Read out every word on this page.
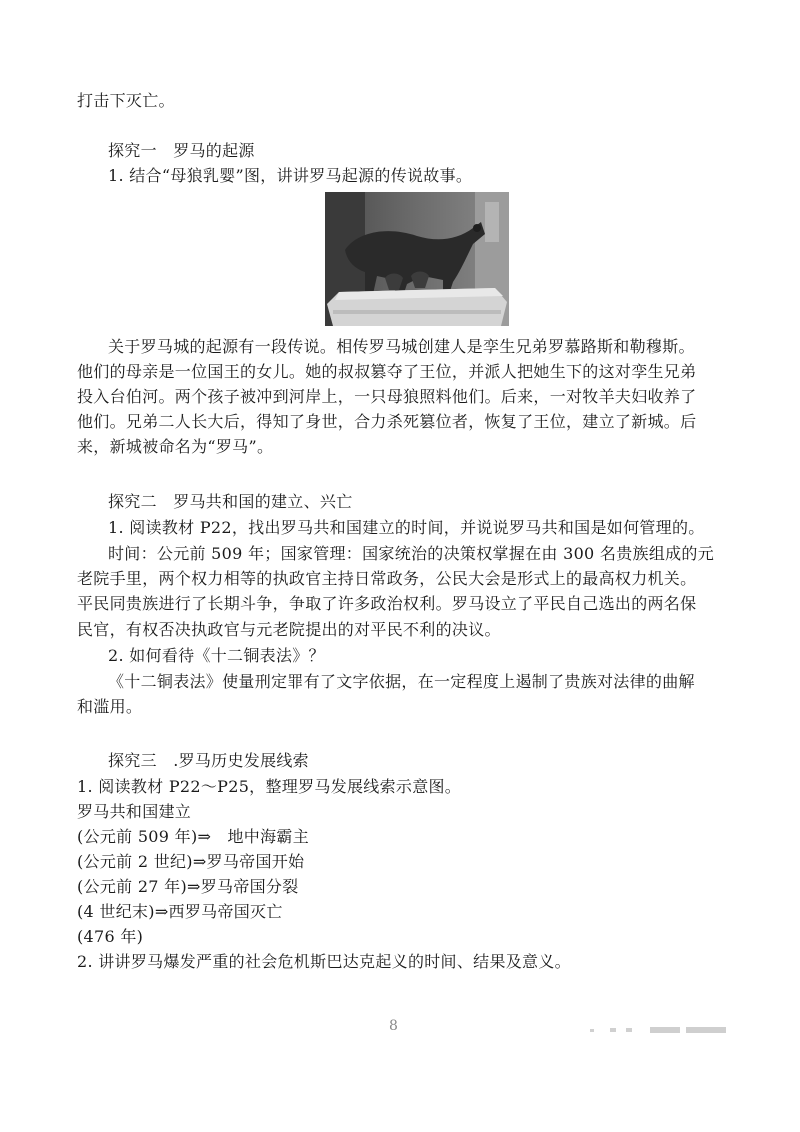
打击下灭亡。
探究一　罗马的起源
1. 结合“母狼乳婴”图，讲讲罗马起源的传说故事。
关于罗马城的起源有一段传说。相传罗马城创建人是孪生兄弟罗慕路斯和勒穆斯。
他们的母亲是一位国王的女儿。她的叔叔篡夺了王位，并派人把她生下的这对孪生兄弟
投入台伯河。两个孩子被冲到河岸上，一只母狼照料他们。后来，一对牧羊夫妇收养了
他们。兄弟二人长大后，得知了身世，合力杀死篡位者，恢复了王位，建立了新城。后
来，新城被命名为“罗马”。
探究二　罗马共和国的建立、兴亡
1. 阅读教材 P22，找出罗马共和国建立的时间，并说说罗马共和国是如何管理的。
时间：公元前 509 年；国家管理：国家统治的决策权掌握在由 300 名贵族组成的元
老院手里，两个权力相等的执政官主持日常政务，公民大会是形式上的最高权力机关。
平民同贵族进行了长期斗争，争取了许多政治权利。罗马设立了平民自己选出的两名保
民官，有权否决执政官与元老院提出的对平民不利的决议。
2. 如何看待《十二铜表法》？
《十二铜表法》使量刑定罪有了文字依据，在一定程度上遏制了贵族对法律的曲解
和滥用。
探究三　.罗马历史发展线索
1. 阅读教材 P22～P25，整理罗马发展线索示意图。
罗马共和国建立
(公元前 509 年)⇒　地中海霸主
(公元前 2 世纪)⇒罗马帝国开始
(公元前 27 年)⇒罗马帝国分裂
(4 世纪末)⇒西罗马帝国灭亡
(476 年)
2. 讲讲罗马爆发严重的社会危机斯巴达克起义的时间、结果及意义。
8
